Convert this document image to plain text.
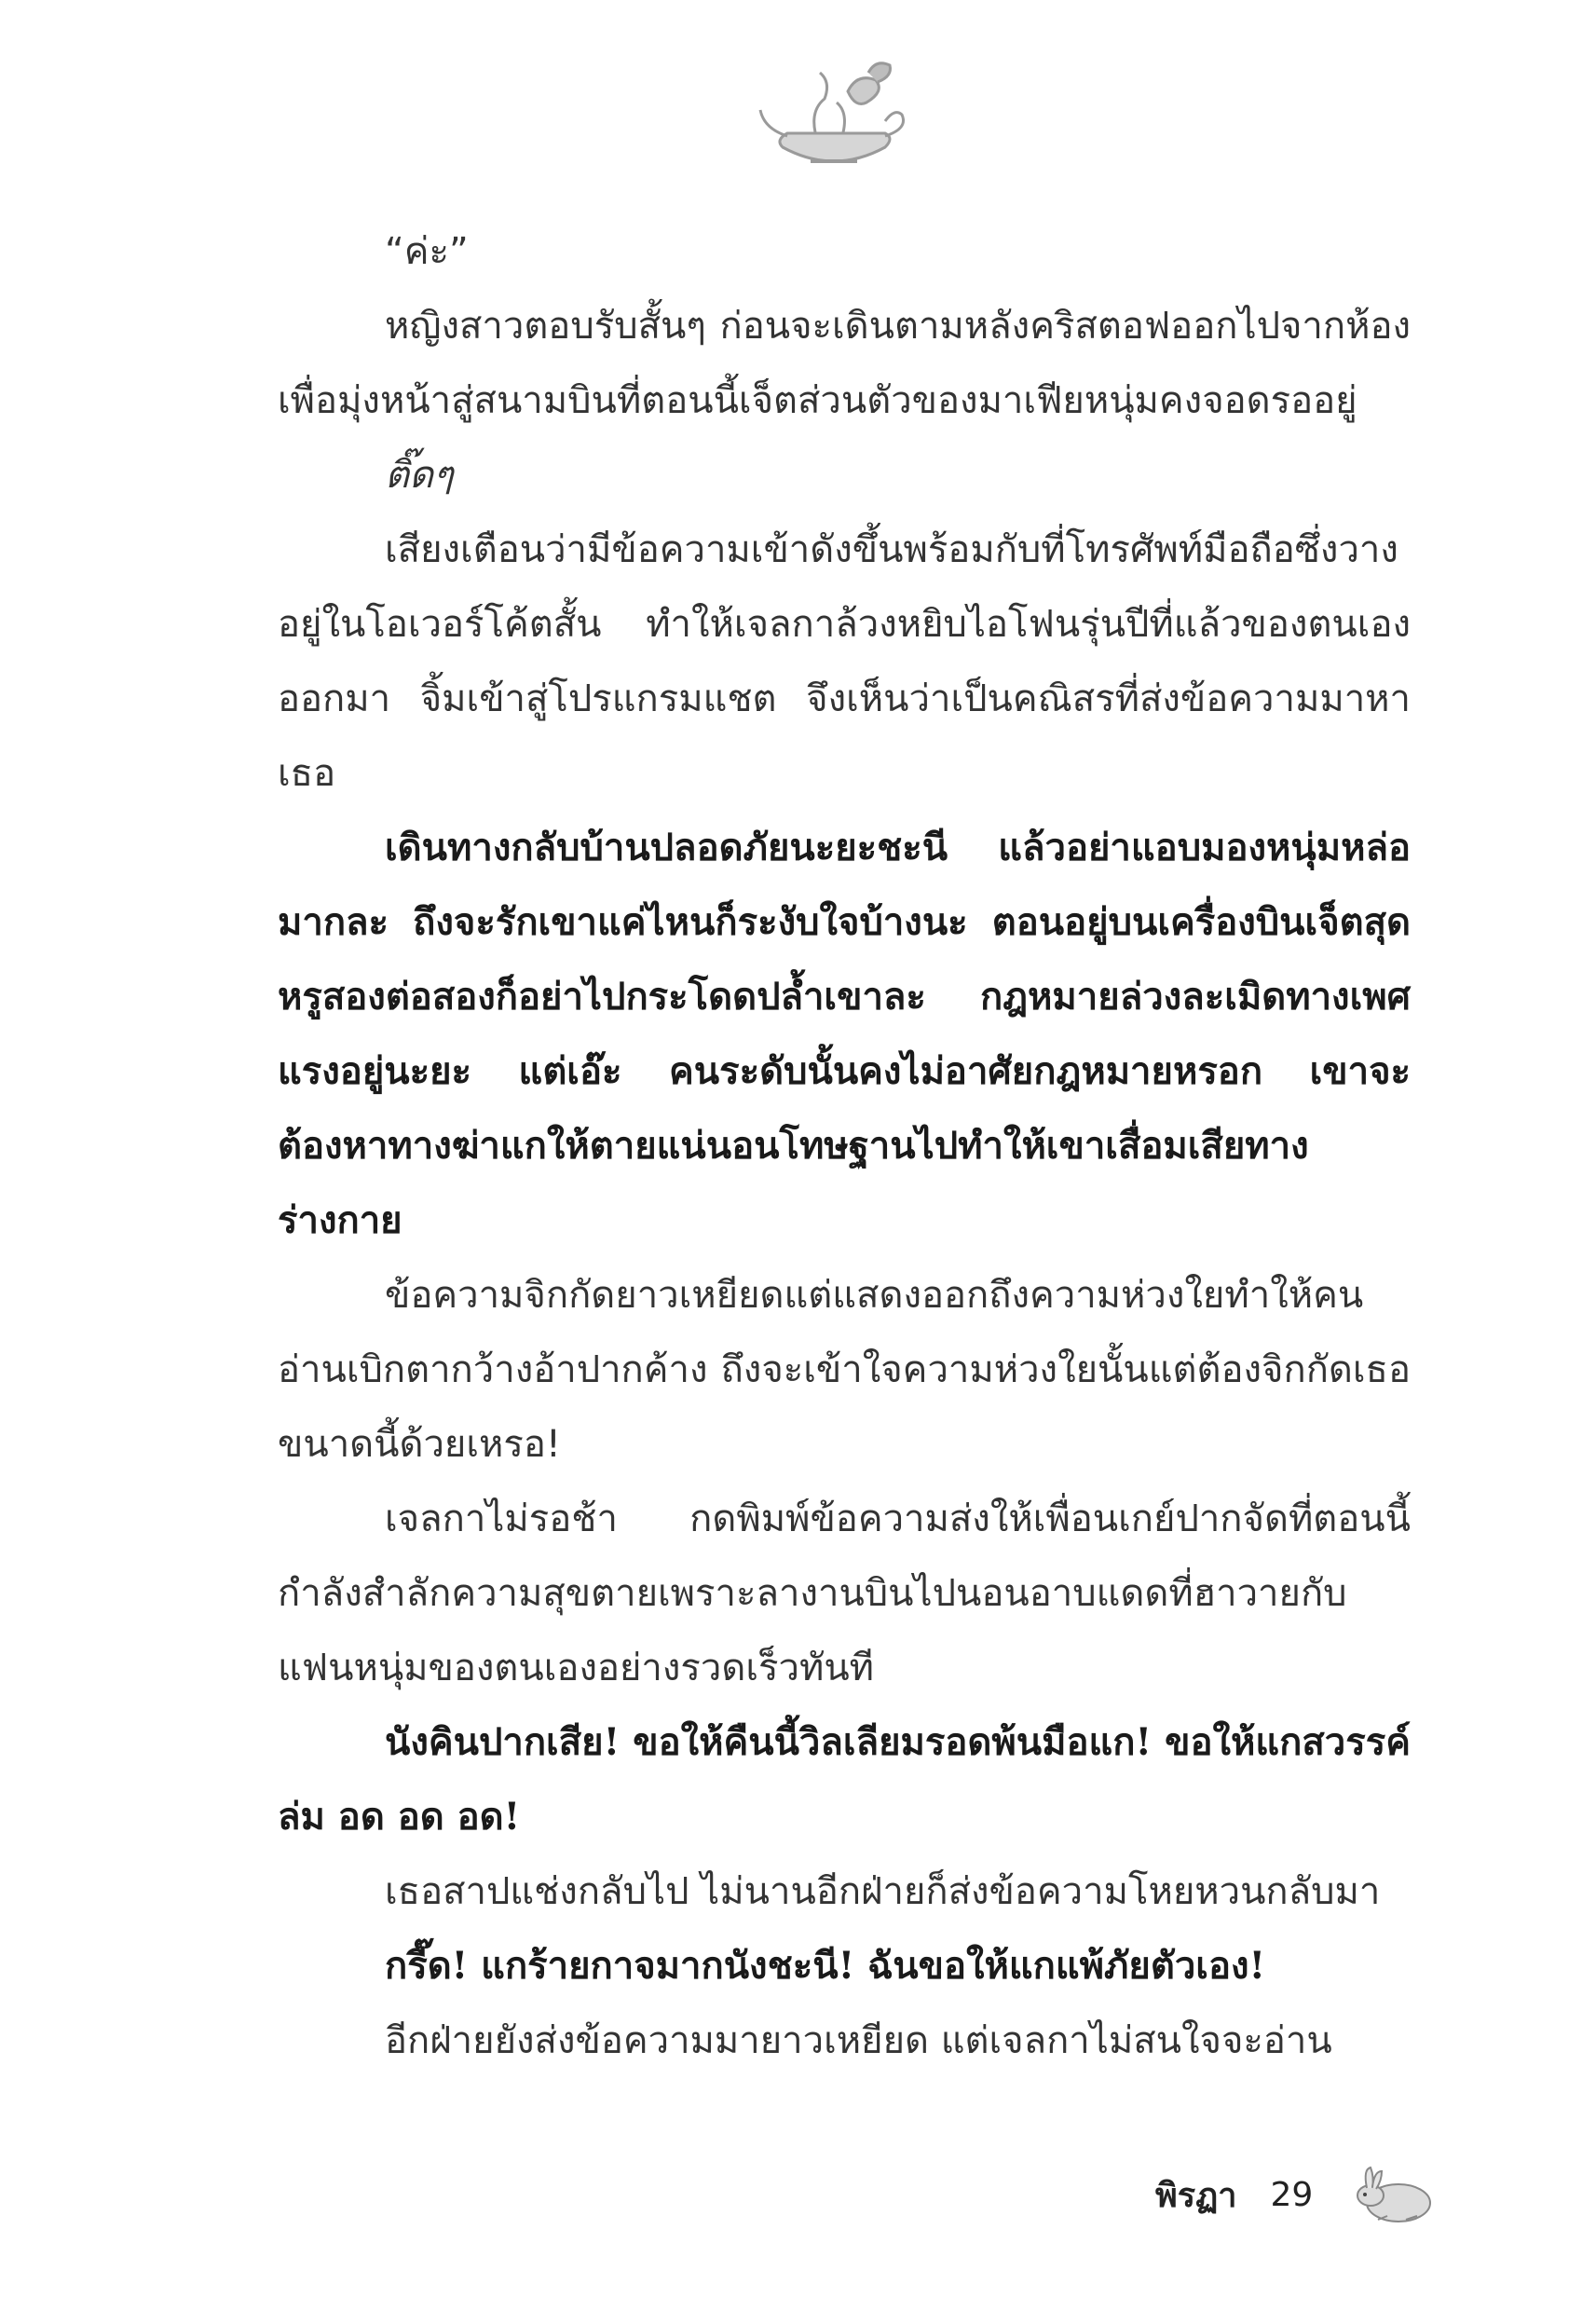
“ค่ะ”

หญิงสาวตอบรับสั้นๆ ก่อนจะเดินตามหลังคริสตอฟออกไปจากห้องเพื่อมุ่งหน้าสู่สนามบินที่ตอนนี้เจ็ตส่วนตัวของมาเฟียหนุ่มคงจอดรออยู่

ติ๊ดๆ

เสียงเตือนว่ามีข้อความเข้าดังขึ้นพร้อมกับที่โทรศัพท์มือถือซึ่งวางอยู่ในโอเวอร์โค้ตสั้น ทำให้เจลกาล้วงหยิบไอโฟนรุ่นปีที่แล้วของตนเองออกมา จิ้มเข้าสู่โปรแกรมแชต จึงเห็นว่าเป็นคณิสรที่ส่งข้อความมาหาเธอ

เดินทางกลับบ้านปลอดภัยนะยะชะนี แล้วอย่าแอบมองหนุ่มหล่อมากละ ถึงจะรักเขาแค่ไหนก็ระงับใจบ้างนะ ตอนอยู่บนเครื่องบินเจ็ตสุดหรูสองต่อสองก็อย่าไปกระโดดปล้ำเขาละ กฎหมายล่วงละเมิดทางเพศแรงอยู่นะยะ แต่เอ๊ะ คนระดับนั้นคงไม่อาศัยกฎหมายหรอก เขาจะต้องหาทางฆ่าแกให้ตายแน่นอนโทษฐานไปทำให้เขาเสื่อมเสียทางร่างกาย

ข้อความจิกกัดยาวเหยียดแต่แสดงออกถึงความห่วงใยทำให้คนอ่านเบิกตากว้างอ้าปากค้าง ถึงจะเข้าใจความห่วงใยนั้นแต่ต้องจิกกัดเธอขนาดนี้ด้วยเหรอ!

เจลกาไม่รอช้า กดพิมพ์ข้อความส่งให้เพื่อนเกย์ปากจัดที่ตอนนี้กำลังสำลักความสุขตายเพราะลางานบินไปนอนอาบแดดที่ฮาวายกับแฟนหนุ่มของตนเองอย่างรวดเร็วทันที

นังคินปากเสีย! ขอให้คืนนี้วิลเลียมรอดพ้นมือแก! ขอให้แกสวรรค์ล่ม อด อด อด!

เธอสาปแช่งกลับไป ไม่นานอีกฝ่ายก็ส่งข้อความโหยหวนกลับมา

กรี๊ด! แกร้ายกาจมากนังชะนี! ฉันขอให้แกแพ้ภัยตัวเอง!

อีกฝ่ายยังส่งข้อความมายาวเหยียด แต่เจลกาไม่สนใจจะอ่าน

พิรฏา 29
